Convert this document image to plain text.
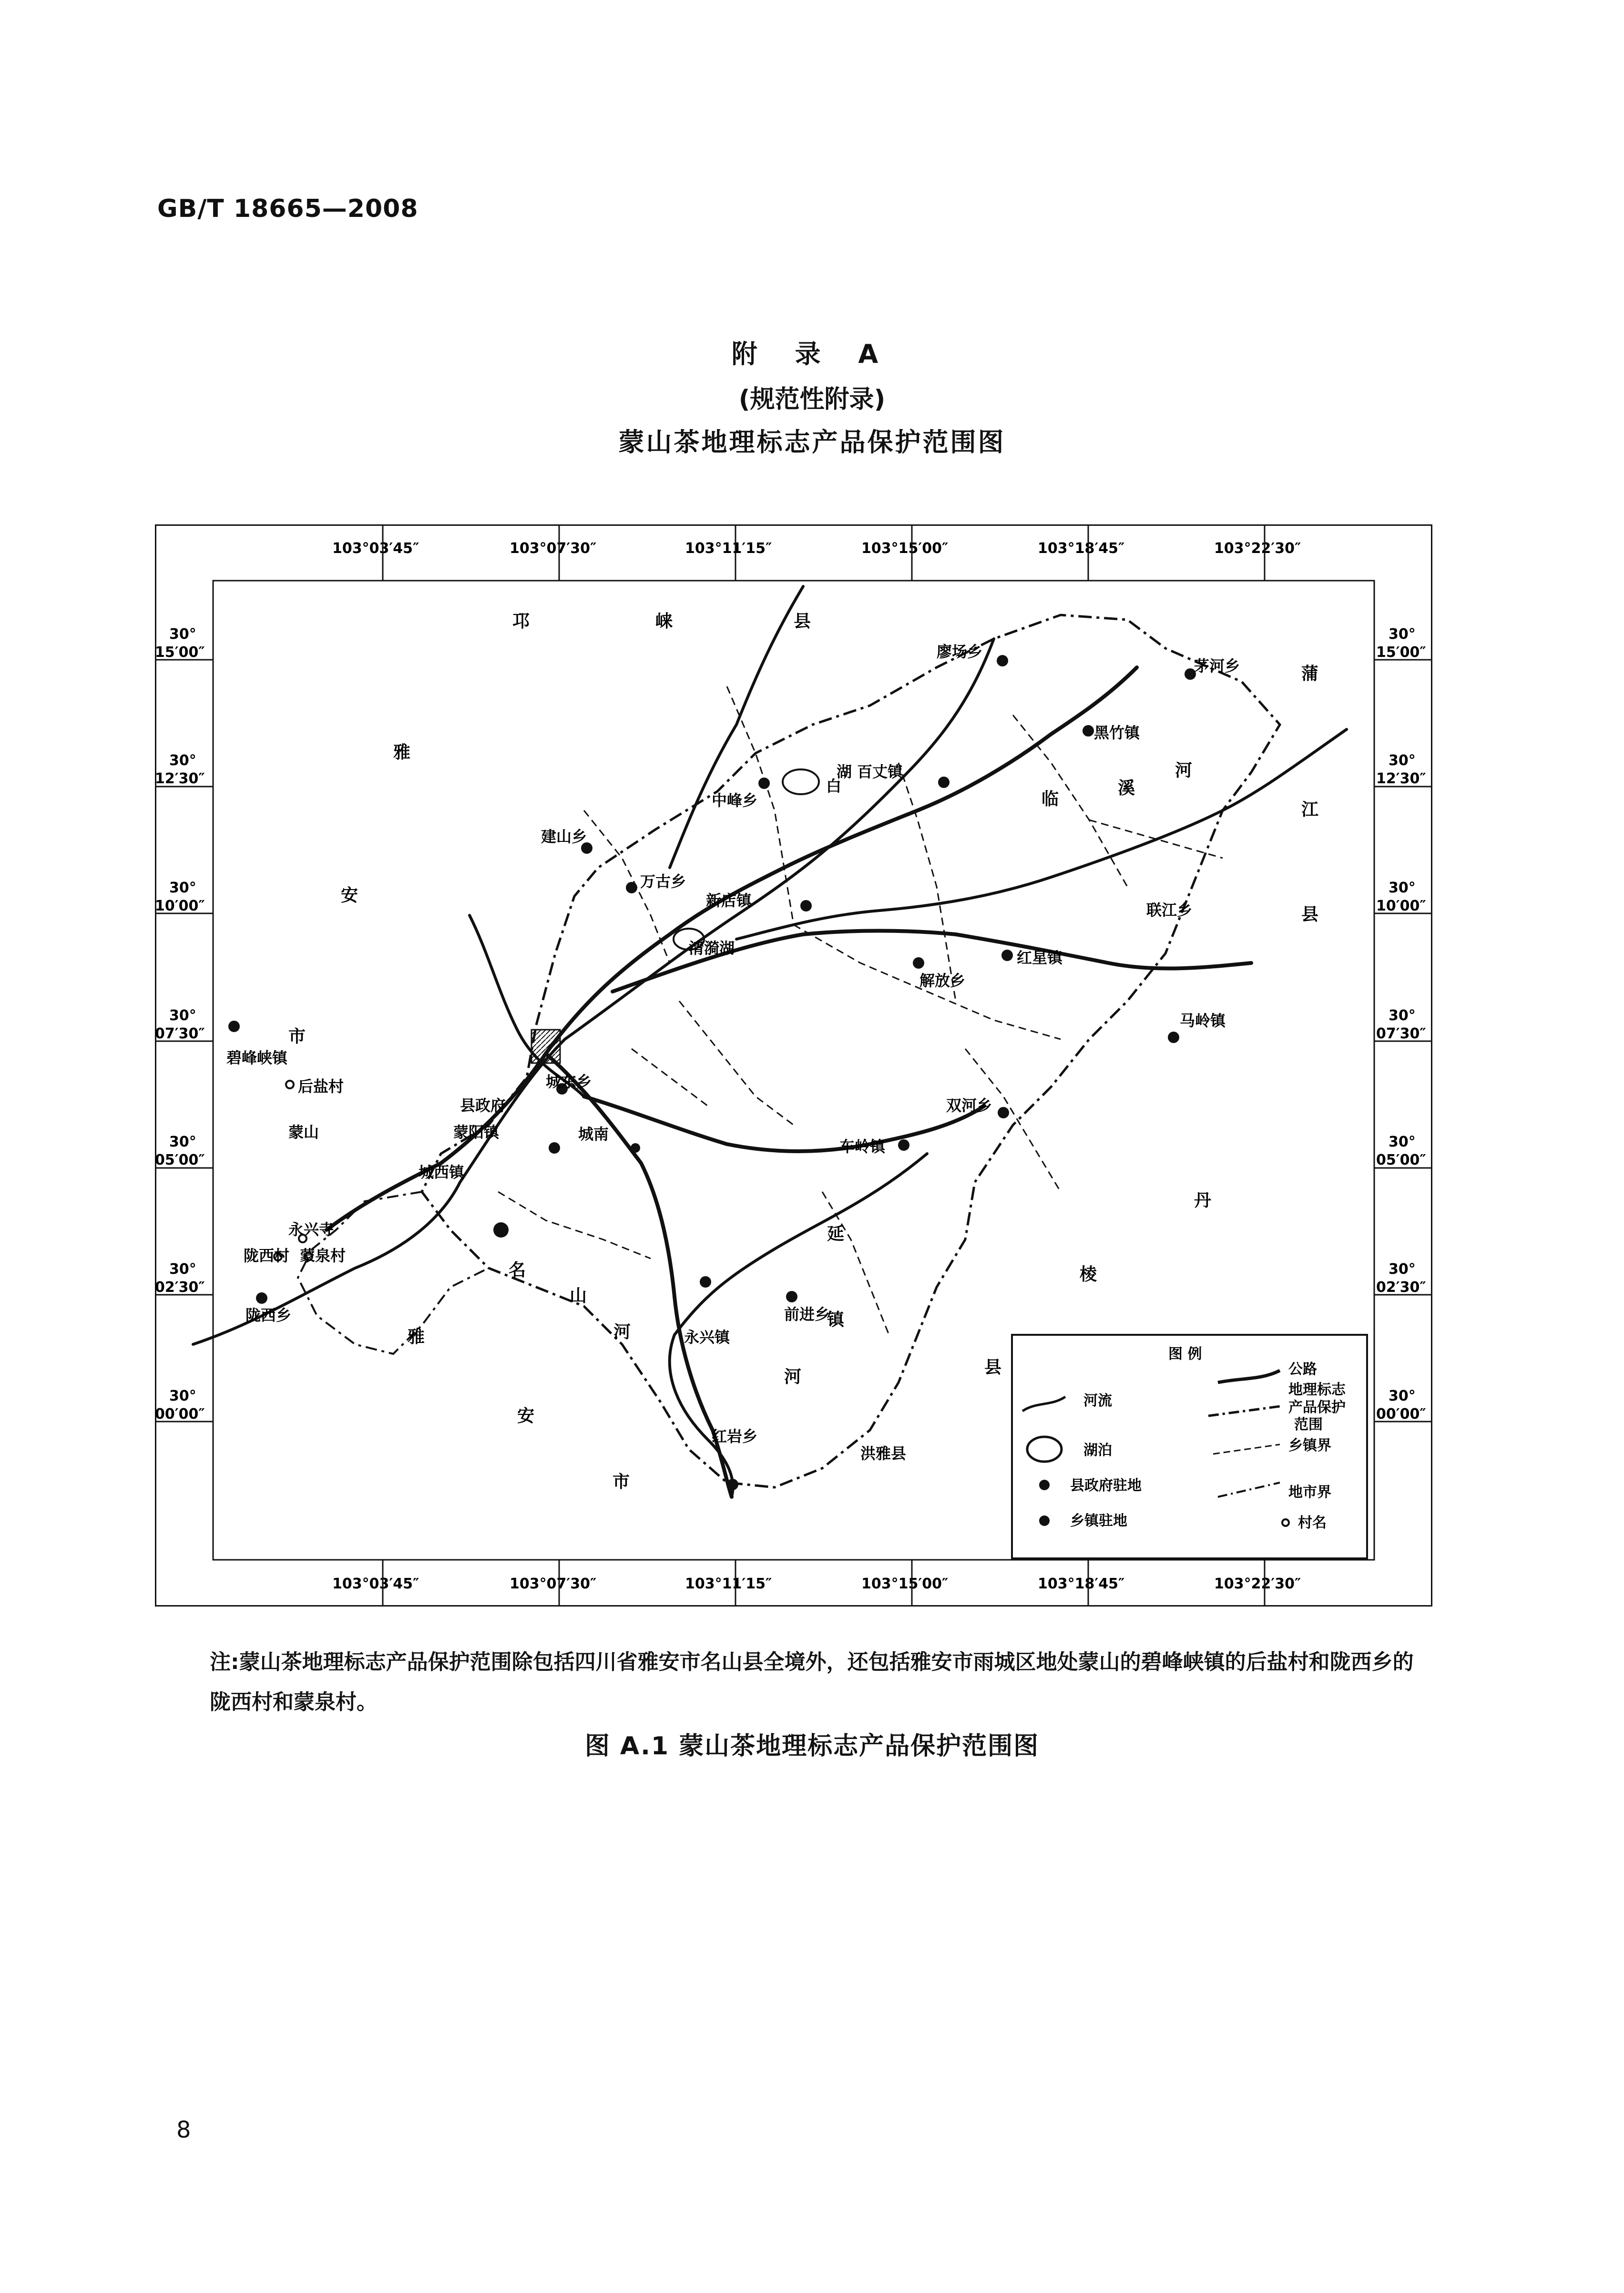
GB/T 18665—2008
附 录 A
(规范性附录)
蒙山茶地理标志产品保护范围图
103°03′45″	103°07′30″	103°11′15″	103°15′00″	103°18′45″	103°22′30″
103°03′45″	103°07′30″	103°11′15″	103°15′00″	103°18′45″	103°22′30″
30°
15′00″
30°
12′30″
30°
10′00″
30°
07′30″
30°
05′00″
30°
02′30″
30°
00′00″
30°
15′00″
30°
12′30″
30°
10′00″
30°
07′30″
30°
05′00″
30°
02′30″
30°
00′00″
邛	崃	县
雅
安
市
蒲
江
县
溪
河
临
丹
棱
县
名
山
河
延
镇
河
雅
安
市
廖场乡
茅河乡
黑竹镇
白
湖 百丈镇
中峰乡
建山乡
万古乡
新店镇
解放乡
红星镇
联江乡
清漪湖
马岭镇
碧峰峡镇
后盐村
蒙山
城东乡
县政府
蒙阳镇	城南
城西镇
双河乡
车岭镇
永兴寺
陇西村 蒙泉村
陇西乡	前进乡
永兴镇
红岩乡
洪雅县
图 例
河流
湖泊
县政府驻地
乡镇驻地
公路
地理标志
产品保护
范围
乡镇界
地市界
村名
注:蒙山茶地理标志产品保护范围除包括四川省雅安市名山县全境外，还包括雅安市雨城区地处蒙山的碧峰峡镇的后盐村和陇西乡的陇西村和蒙泉村。
图 A.1 蒙山茶地理标志产品保护范围图
8
